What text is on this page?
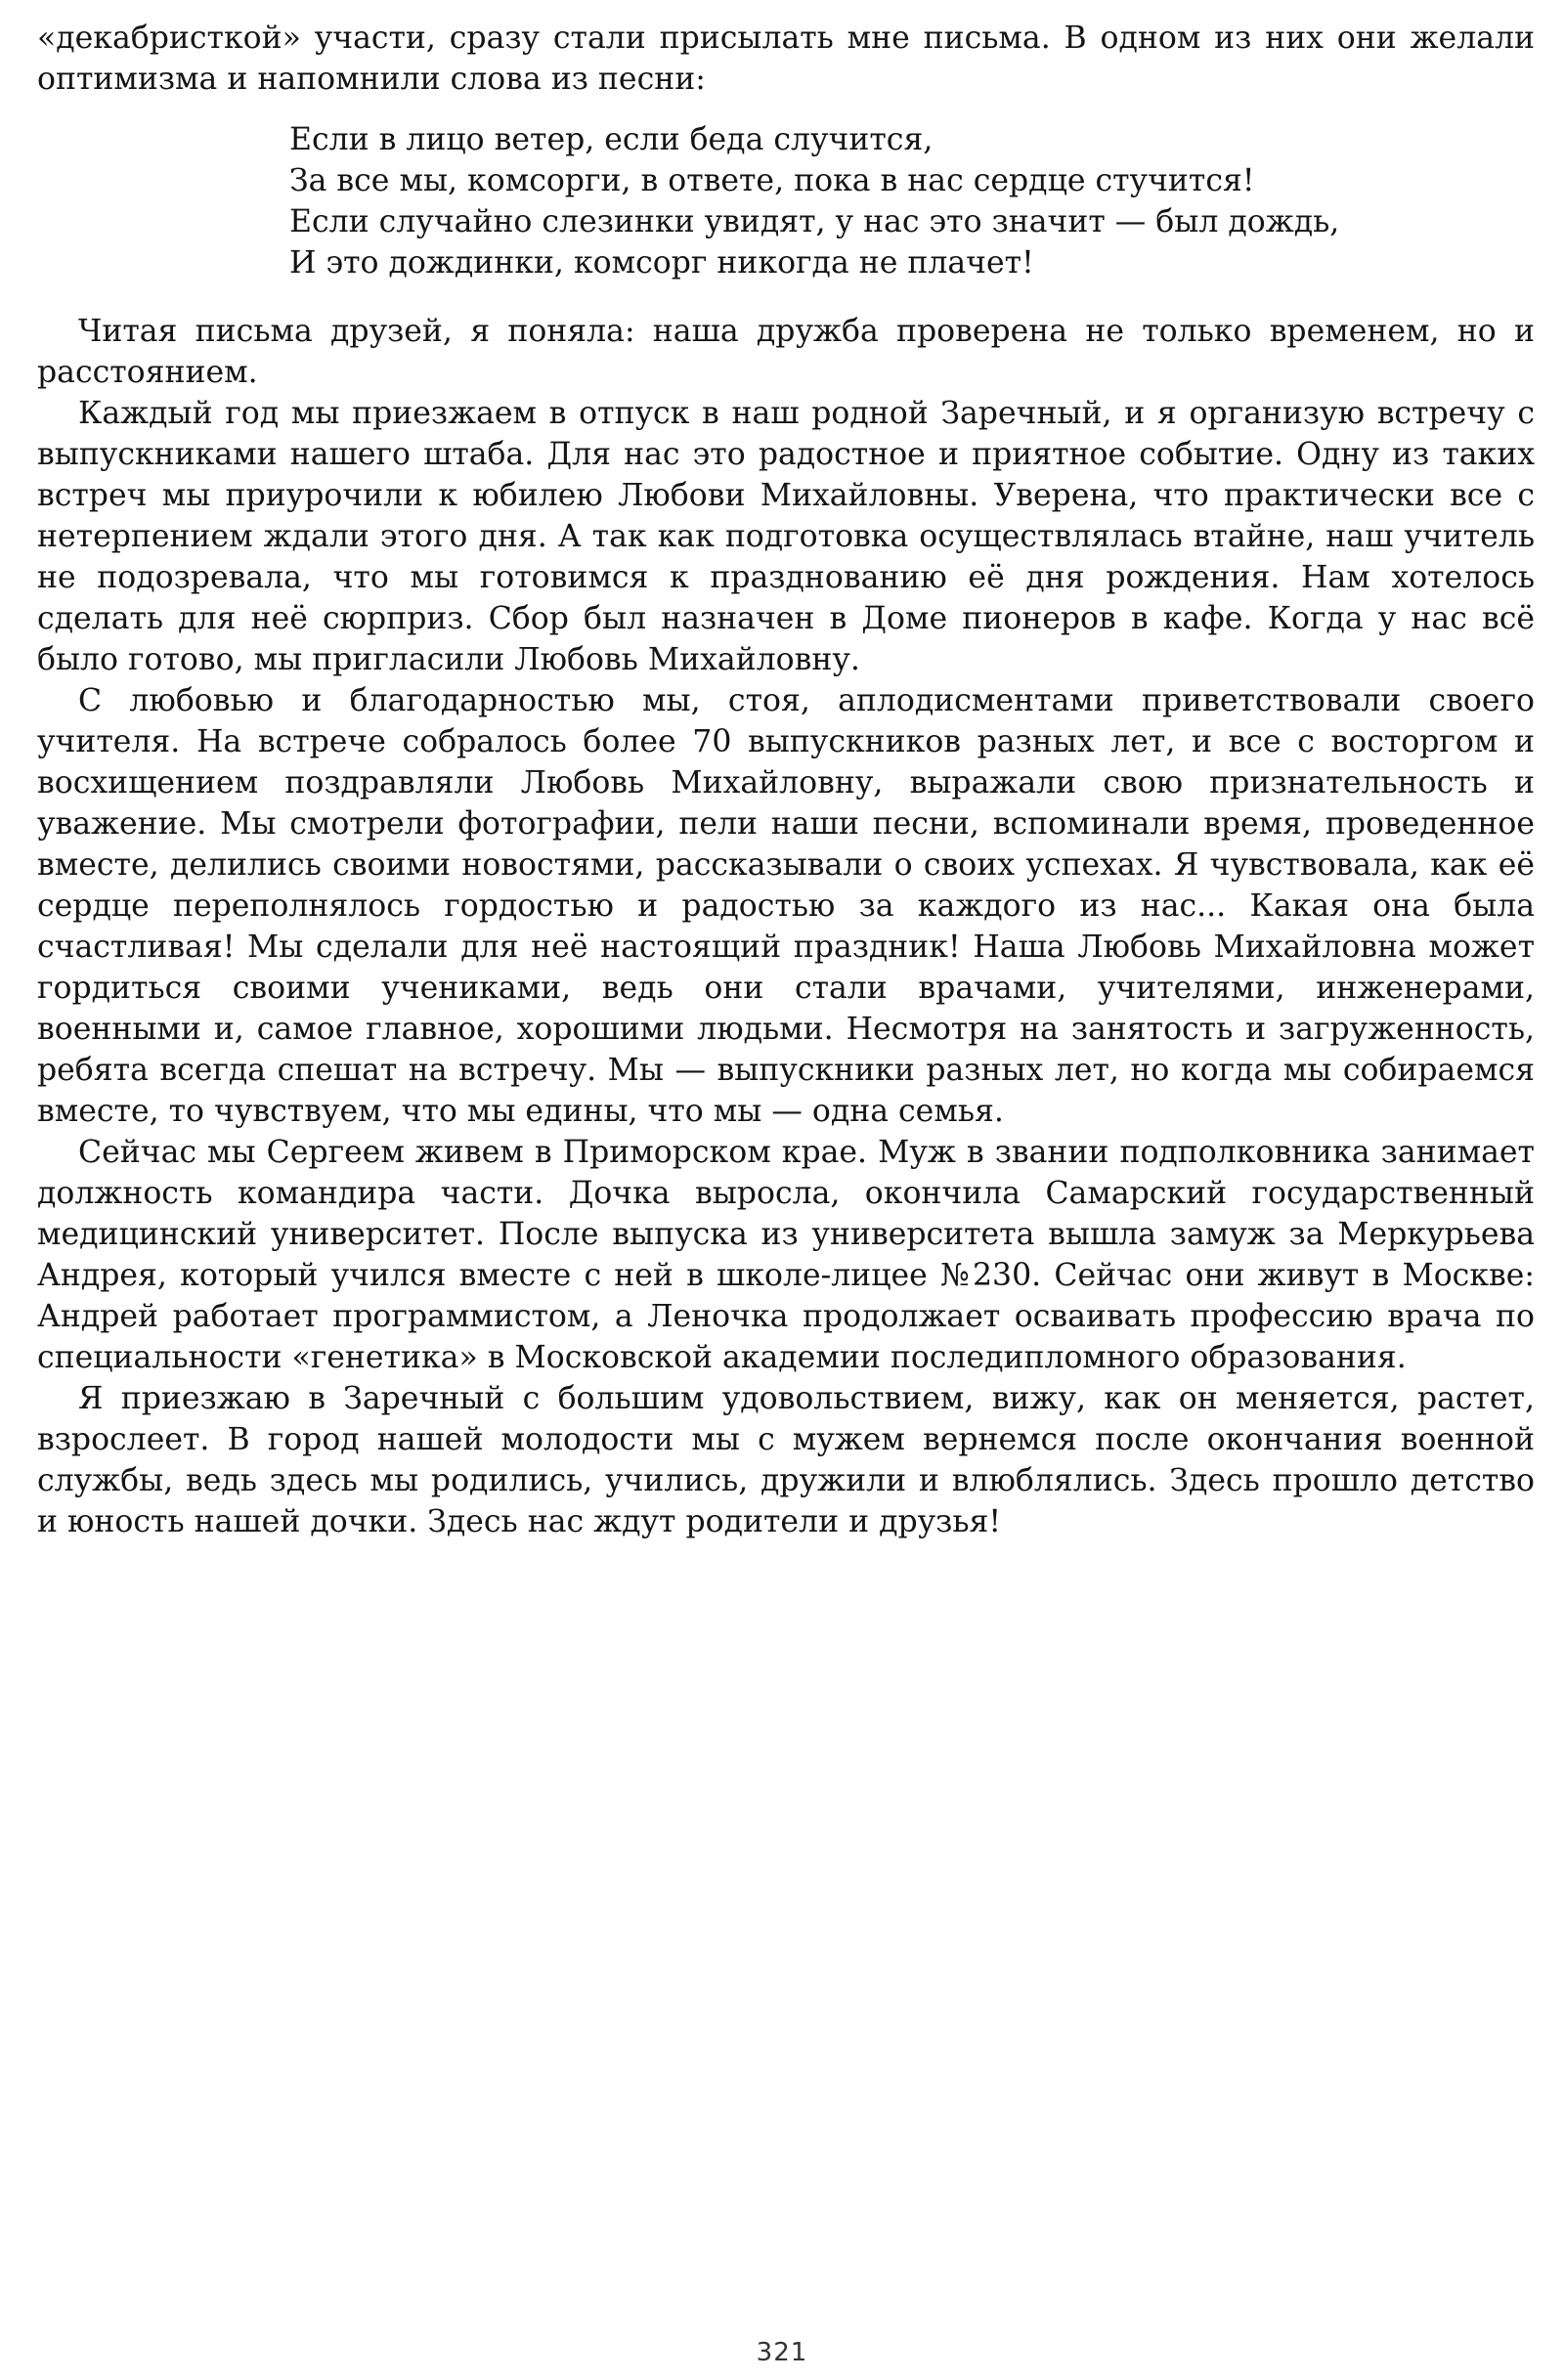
«декабристкой» участи, сразу стали присылать мне письма. В одном из них они желали оптимизма и напомнили слова из песни:

Если в лицо ветер, если беда случится,
За все мы, комсорги, в ответе, пока в нас сердце стучится!
Если случайно слезинки увидят, у нас это значит — был дождь,
И это дождинки, комсорг никогда не плачет!

Читая письма друзей, я поняла: наша дружба проверена не только временем, но и расстоянием.

Каждый год мы приезжаем в отпуск в наш родной Заречный, и я организую встречу с выпускниками нашего штаба. Для нас это радостное и приятное событие. Одну из таких встреч мы приурочили к юбилею Любови Михайловны. Уверена, что практически все с нетерпением ждали этого дня. А так как подготовка осуществлялась втайне, наш учитель не подозревала, что мы готовимся к празднованию её дня рождения. Нам хотелось сделать для неё сюрприз. Сбор был назначен в Доме пионеров в кафе. Когда у нас всё было готово, мы пригласили Любовь Михайловну.

С любовью и благодарностью мы, стоя, аплодисментами приветствовали своего учителя. На встрече собралось более 70 выпускников разных лет, и все с восторгом и восхищением поздравляли Любовь Михайловну, выражали свою признательность и уважение. Мы смотрели фотографии, пели наши песни, вспоминали время, проведенное вместе, делились своими новостями, рассказывали о своих успехах. Я чувствовала, как её сердце переполнялось гордостью и радостью за каждого из нас... Какая она была счастливая! Мы сделали для неё настоящий праздник! Наша Любовь Михайловна может гордиться своими учениками, ведь они стали врачами, учителями, инженерами, военными и, самое главное, хорошими людьми. Несмотря на занятость и загруженность, ребята всегда спешат на встречу. Мы — выпускники разных лет, но когда мы собираемся вместе, то чувствуем, что мы едины, что мы — одна семья.

Сейчас мы Сергеем живем в Приморском крае. Муж в звании подполковника занимает должность командира части. Дочка выросла, окончила Самарский государственный медицинский университет. После выпуска из университета вышла замуж за Меркурьева Андрея, который учился вместе с ней в школе-лицее №230. Сейчас они живут в Москве: Андрей работает программистом, а Леночка продолжает осваивать профессию врача по специальности «генетика» в Московской академии последипломного образования.

Я приезжаю в Заречный с большим удовольствием, вижу, как он меняется, растет, взрослеет. В город нашей молодости мы с мужем вернемся после окончания военной службы, ведь здесь мы родились, учились, дружили и влюблялись. Здесь прошло детство и юность нашей дочки. Здесь нас ждут родители и друзья!

321
